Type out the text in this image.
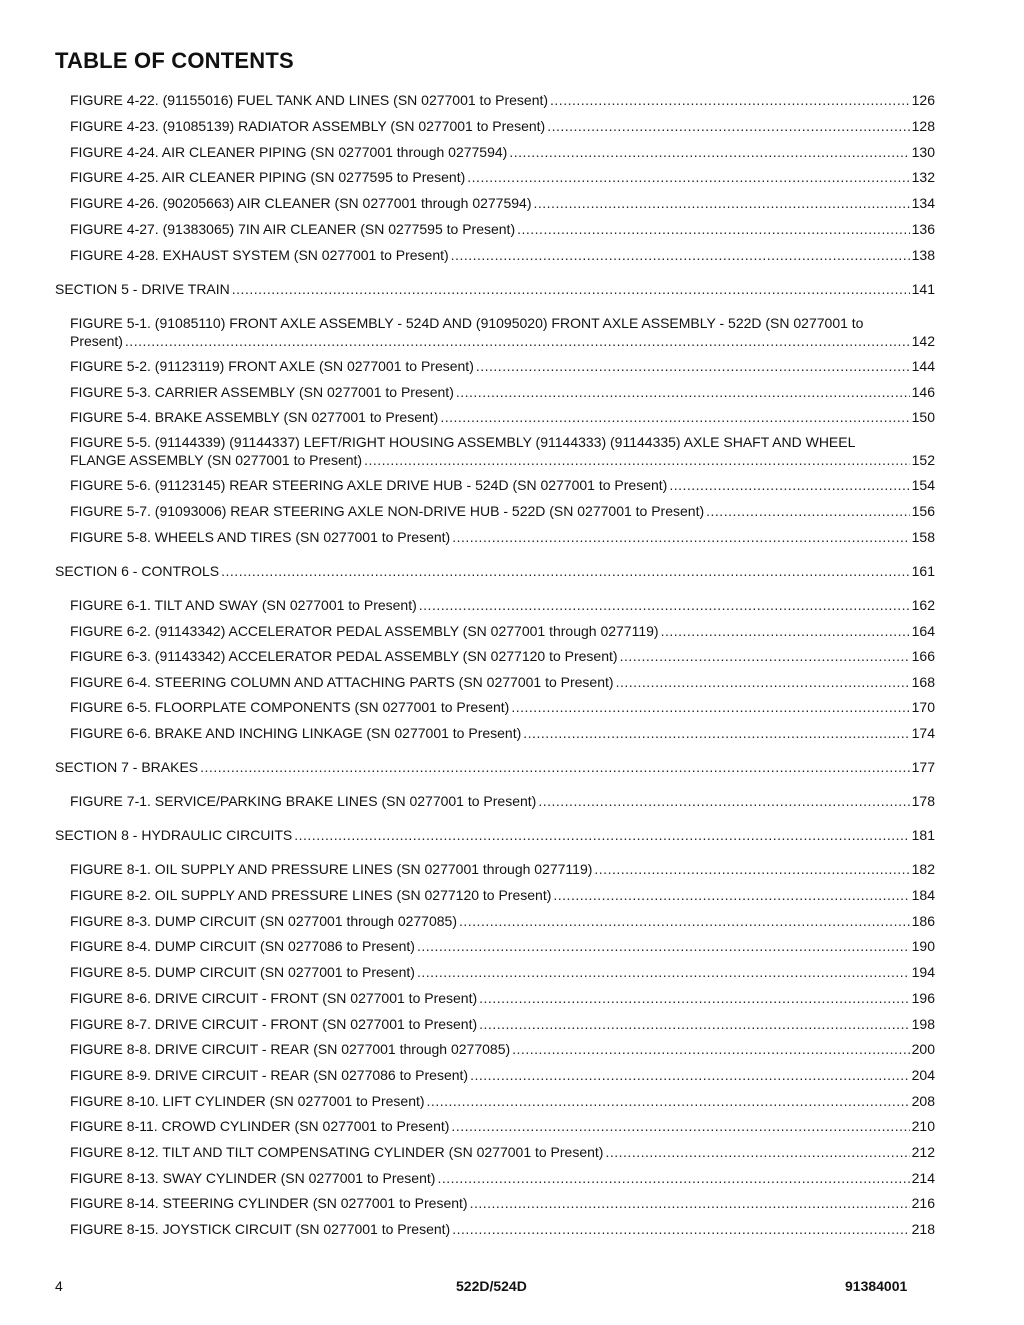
TABLE OF CONTENTS
FIGURE 4-22. (91155016) FUEL TANK AND LINES (SN 0277001 to Present) .....	126
FIGURE 4-23. (91085139) RADIATOR ASSEMBLY (SN 0277001 to Present) .....	128
FIGURE 4-24. AIR CLEANER PIPING (SN 0277001 through 0277594) .....	130
FIGURE 4-25. AIR CLEANER PIPING (SN 0277595 to Present) .....	132
FIGURE 4-26. (90205663) AIR CLEANER (SN 0277001 through 0277594) .....	134
FIGURE 4-27. (91383065) 7IN AIR CLEANER (SN 0277595 to Present) .....	136
FIGURE 4-28. EXHAUST SYSTEM (SN 0277001 to Present) .....	138
SECTION 5 - DRIVE TRAIN .....	141
FIGURE 5-1. (91085110) FRONT AXLE ASSEMBLY - 524D AND (91095020) FRONT AXLE ASSEMBLY - 522D (SN 0277001 to
Present) .....	142
FIGURE 5-2. (91123119) FRONT AXLE (SN 0277001 to Present) .....	144
FIGURE 5-3. CARRIER ASSEMBLY (SN 0277001 to Present) .....	146
FIGURE 5-4. BRAKE ASSEMBLY (SN 0277001 to Present) .....	150
FIGURE 5-5. (91144339) (91144337) LEFT/RIGHT HOUSING ASSEMBLY (91144333) (91144335) AXLE SHAFT AND WHEEL
FLANGE ASSEMBLY (SN 0277001 to Present) .....	152
FIGURE 5-6. (91123145) REAR STEERING AXLE DRIVE HUB - 524D (SN 0277001 to Present) .....	154
FIGURE 5-7. (91093006) REAR STEERING AXLE NON-DRIVE HUB - 522D (SN 0277001 to Present) .....	156
FIGURE 5-8. WHEELS AND TIRES (SN 0277001 to Present) .....	158
SECTION 6 - CONTROLS .....	161
FIGURE 6-1. TILT AND SWAY (SN 0277001 to Present) .....	162
FIGURE 6-2. (91143342) ACCELERATOR PEDAL ASSEMBLY (SN 0277001 through 0277119) .....	164
FIGURE 6-3. (91143342) ACCELERATOR PEDAL ASSEMBLY (SN 0277120 to Present) .....	166
FIGURE 6-4. STEERING COLUMN AND ATTACHING PARTS (SN 0277001 to Present) .....	168
FIGURE 6-5. FLOORPLATE COMPONENTS (SN 0277001 to Present) .....	170
FIGURE 6-6. BRAKE AND INCHING LINKAGE (SN 0277001 to Present) .....	174
SECTION 7 - BRAKES .....	177
FIGURE 7-1. SERVICE/PARKING BRAKE LINES (SN 0277001 to Present) .....	178
SECTION 8 - HYDRAULIC CIRCUITS .....	181
FIGURE 8-1. OIL SUPPLY AND PRESSURE LINES (SN 0277001 through 0277119) .....	182
FIGURE 8-2. OIL SUPPLY AND PRESSURE LINES (SN 0277120 to Present) .....	184
FIGURE 8-3. DUMP CIRCUIT (SN 0277001 through 0277085) .....	186
FIGURE 8-4. DUMP CIRCUIT (SN 0277086 to Present) .....	190
FIGURE 8-5. DUMP CIRCUIT (SN 0277001 to Present) .....	194
FIGURE 8-6. DRIVE CIRCUIT - FRONT (SN 0277001 to Present) .....	196
FIGURE 8-7. DRIVE CIRCUIT - FRONT (SN 0277001 to Present) .....	198
FIGURE 8-8. DRIVE CIRCUIT - REAR (SN 0277001 through 0277085) .....	200
FIGURE 8-9. DRIVE CIRCUIT - REAR (SN 0277086 to Present) .....	204
FIGURE 8-10. LIFT CYLINDER (SN 0277001 to Present) .....	208
FIGURE 8-11. CROWD CYLINDER (SN 0277001 to Present) .....	210
FIGURE 8-12. TILT AND TILT COMPENSATING CYLINDER (SN 0277001 to Present) .....	212
FIGURE 8-13. SWAY CYLINDER (SN 0277001 to Present) .....	214
FIGURE 8-14. STEERING CYLINDER (SN 0277001 to Present) .....	216
FIGURE 8-15. JOYSTICK CIRCUIT (SN 0277001 to Present) .....	218
4	522D/524D	91384001
